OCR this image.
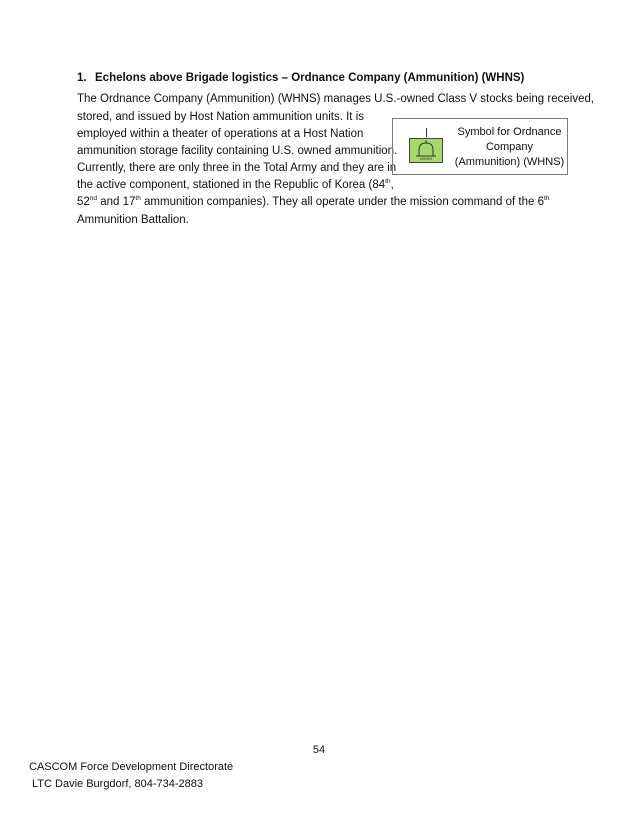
1. Echelons above Brigade logistics – Ordnance Company (Ammunition) (WHNS)
The Ordnance Company (Ammunition) (WHNS) manages U.S.-owned Class V stocks being received,
stored, and issued by Host Nation ammunition units. It is
employed within a theater of operations at a Host Nation
ammunition storage facility containing U.S. owned ammunition.
Currently, there are only three in the Total Army and they are in
the active component, stationed in the Republic of Korea (84th,
52nd and 17th ammunition companies). They all operate under the mission command of the 6th
Ammunition Battalion.
WHNS
Symbol for Ordnance Company (Ammunition) (WHNS)
54
CASCOM Force Development Directorate
LTC Davie Burgdorf, 804-734-2883
